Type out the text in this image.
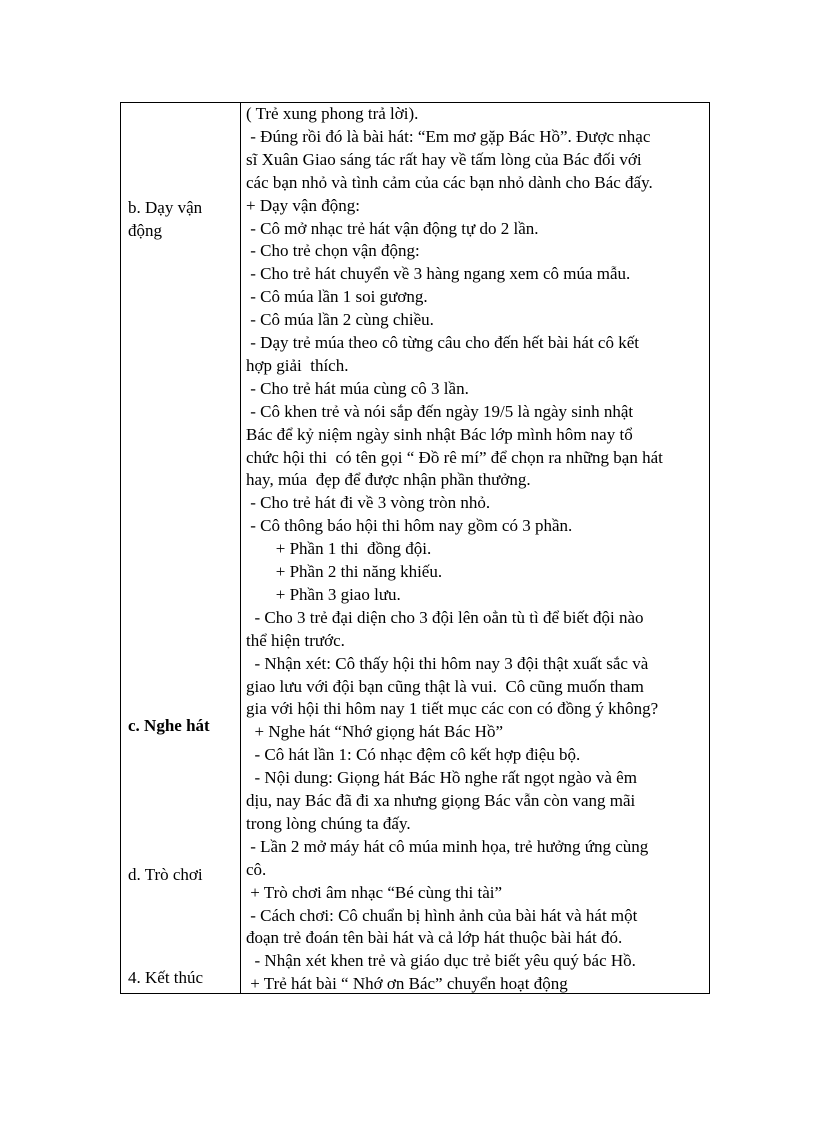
b. Dạy vận
động
c. Nghe hát
d. Trò chơi
4. Kết thúc
( Trẻ xung phong trả lời).
- Đúng rồi đó là bài hát: “Em mơ gặp Bác Hồ”. Được nhạc
sĩ Xuân Giao sáng tác rất hay về tấm lòng của Bác đối với
các bạn nhỏ và tình cảm của các bạn nhỏ dành cho Bác đấy.
+ Dạy vận động:
- Cô mở nhạc trẻ hát vận động tự do 2 lần.
- Cho trẻ chọn vận động:
- Cho trẻ hát chuyển về 3 hàng ngang xem cô múa mẫu.
- Cô múa lần 1 soi gương.
- Cô múa lần 2 cùng chiều.
- Dạy trẻ múa theo cô từng câu cho đến hết bài hát cô kết
hợp giải  thích.
- Cho trẻ hát múa cùng cô 3 lần.
- Cô khen trẻ và nói sắp đến ngày 19/5 là ngày sinh nhật
Bác để kỷ niệm ngày sinh nhật Bác lớp mình hôm nay tổ
chức hội thi  có tên gọi “ Đồ rê mí” để chọn ra những bạn hát
hay, múa  đẹp để được nhận phần thưởng.
- Cho trẻ hát đi về 3 vòng tròn nhỏ.
- Cô thông báo hội thi hôm nay gồm có 3 phần.
+ Phần 1 thi  đồng đội.
+ Phần 2 thi năng khiếu.
+ Phần 3 giao lưu.
- Cho 3 trẻ đại diện cho 3 đội lên oẳn tù tì để biết đội nào
thể hiện trước.
- Nhận xét: Cô thấy hội thi hôm nay 3 đội thật xuất sắc và
giao lưu với đội bạn cũng thật là vui.  Cô cũng muốn tham
gia với hội thi hôm nay 1 tiết mục các con có đồng ý không?
+ Nghe hát “Nhớ giọng hát Bác Hồ”
- Cô hát lần 1: Có nhạc đệm cô kết hợp điệu bộ.
- Nội dung: Giọng hát Bác Hồ nghe rất ngọt ngào và êm
dịu, nay Bác đã đi xa nhưng giọng Bác vẫn còn vang mãi
trong lòng chúng ta đấy.
- Lần 2 mở máy hát cô múa minh họa, trẻ hưởng ứng cùng
cô.
+ Trò chơi âm nhạc “Bé cùng thi tài”
- Cách chơi: Cô chuẩn bị hình ảnh của bài hát và hát một
đoạn trẻ đoán tên bài hát và cả lớp hát thuộc bài hát đó.
- Nhận xét khen trẻ và giáo dục trẻ biết yêu quý bác Hồ.
+ Trẻ hát bài “ Nhớ ơn Bác” chuyển hoạt động
